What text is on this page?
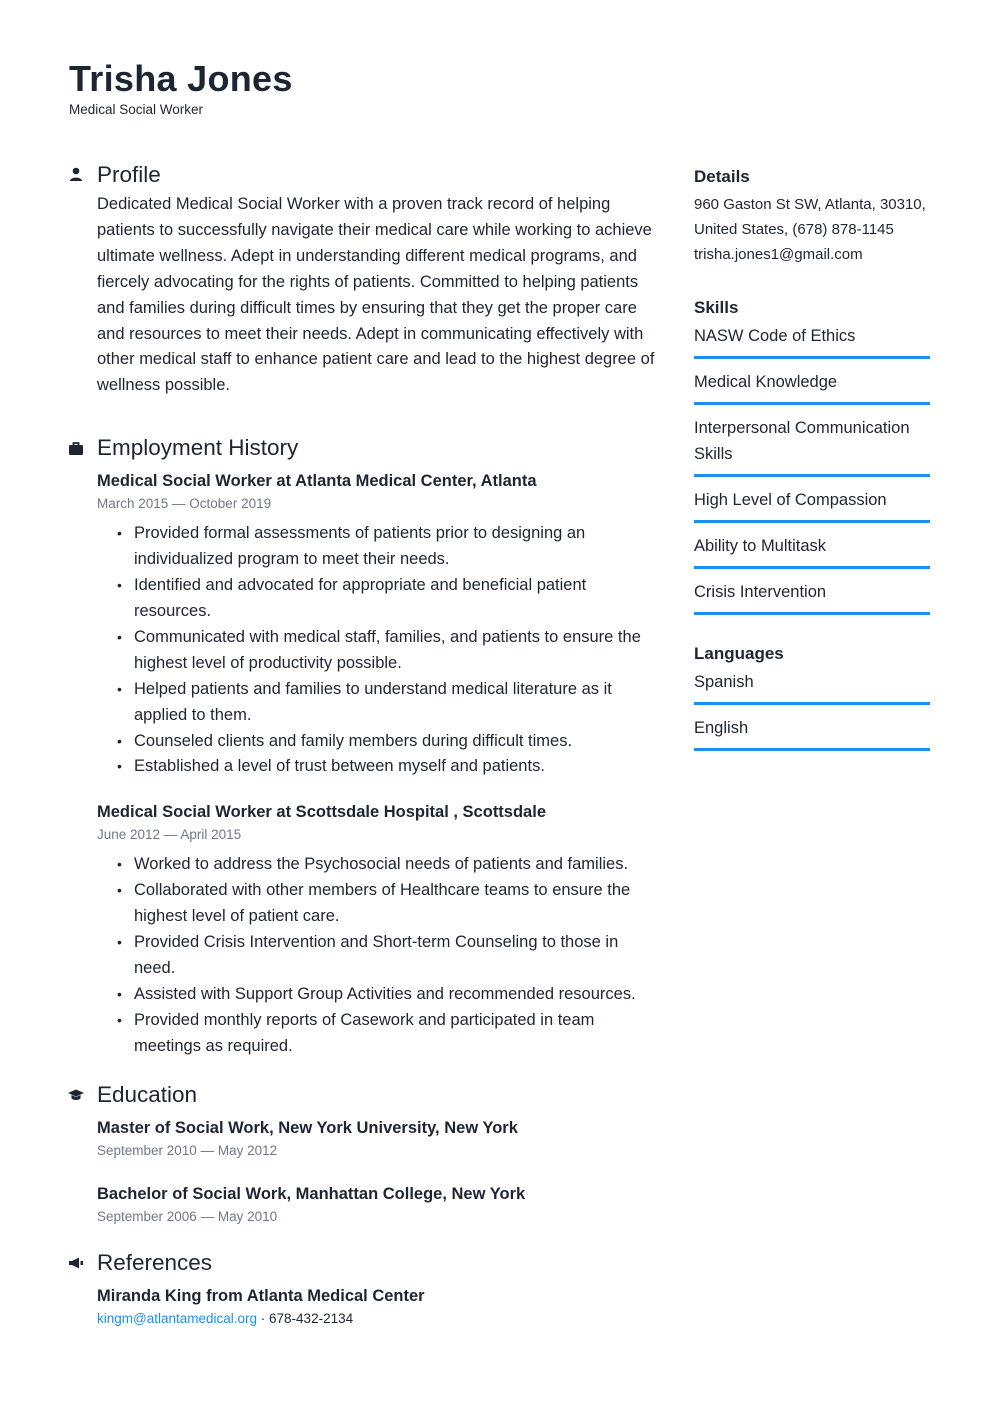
Trisha Jones
Medical Social Worker
Profile

Dedicated Medical Social Worker with a proven track record of helping patients to successfully navigate their medical care while working to achieve ultimate wellness. Adept in understanding different medical programs, and fiercely advocating for the rights of patients. Committed to helping patients and families during difficult times by ensuring that they get the proper care and resources to meet their needs. Adept in communicating effectively with other medical staff to enhance patient care and lead to the highest degree of wellness possible.

Employment History
Medical Social Worker at Atlanta Medical Center, Atlanta
March 2015 — October 2019
• Provided formal assessments of patients prior to designing an individualized program to meet their needs.
• Identified and advocated for appropriate and beneficial patient resources.
• Communicated with medical staff, families, and patients to ensure the highest level of productivity possible.
• Helped patients and families to understand medical literature as it applied to them.
• Counseled clients and family members during difficult times.
• Established a level of trust between myself and patients.
Medical Social Worker at Scottsdale Hospital , Scottsdale
June 2012 — April 2015
• Worked to address the Psychosocial needs of patients and families.
• Collaborated with other members of Healthcare teams to ensure the highest level of patient care.
• Provided Crisis Intervention and Short-term Counseling to those in need.
• Assisted with Support Group Activities and recommended resources.
• Provided monthly reports of Casework and participated in team meetings as required.
Education
Master of Social Work, New York University, New York
September 2010 — May 2012
Bachelor of Social Work, Manhattan College, New York
September 2006 — May 2010
References
Miranda King from Atlanta Medical Center
kingm@atlantamedical.org · 678-432-2134
Details
960 Gaston St SW, Atlanta, 30310, United States, (678) 878-1145
trisha.jones1@gmail.com
Skills
NASW Code of Ethics
Medical Knowledge
Interpersonal Communication Skills
High Level of Compassion
Ability to Multitask
Crisis Intervention
Languages
Spanish
English
